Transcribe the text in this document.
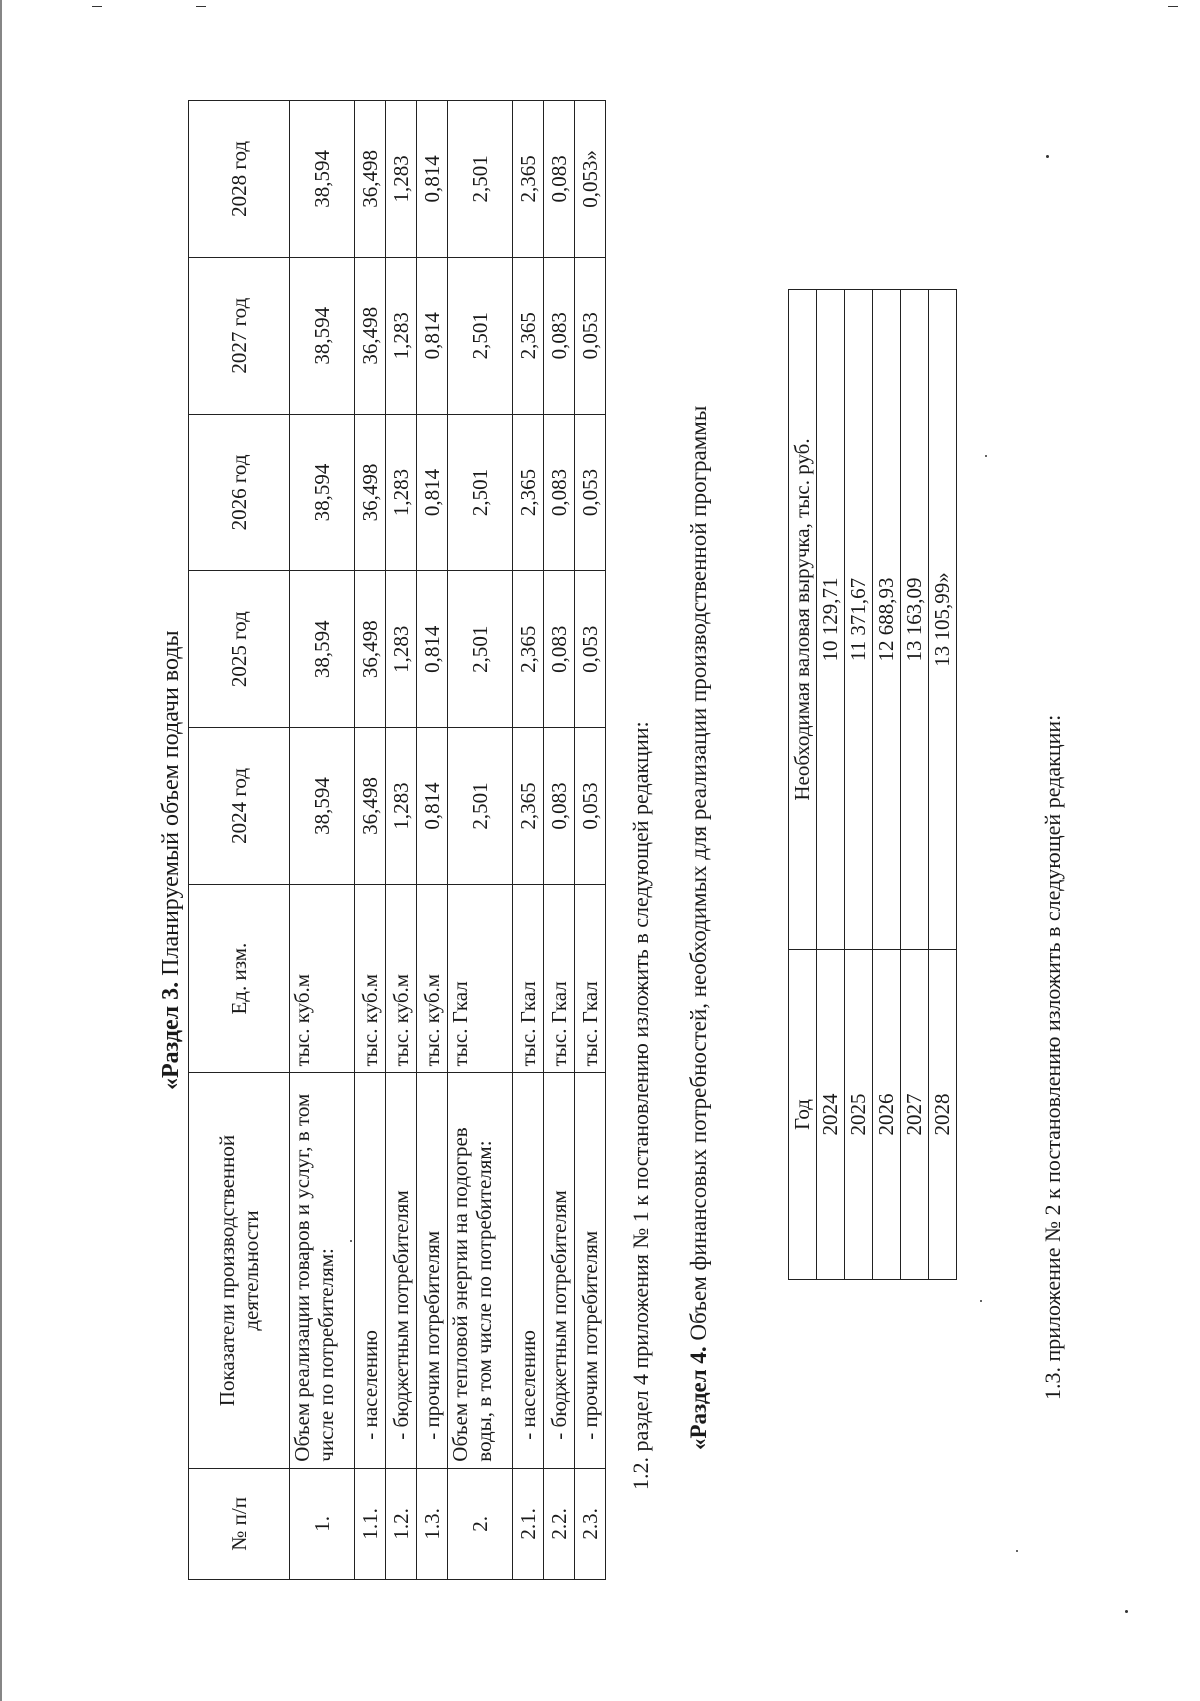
«Раздел 3. Планируемый объем подачи воды
№ п/п	Показатели производственной деятельности	Ед. изм.	2024 год	2025 год	2026 год	2027 год	2028 год
1.	Объем реализации товаров и услуг, в том числе по потребителям:	тыс. куб.м	38,594	38,594	38,594	38,594	38,594
1.1.	- населению	тыс. куб.м	36,498	36,498	36,498	36,498	36,498
1.2.	- бюджетным потребителям	тыс. куб.м	1,283	1,283	1,283	1,283	1,283
1.3.	- прочим потребителям	тыс. куб.м	0,814	0,814	0,814	0,814	0,814
2.	Объем тепловой энергии на подогрев воды, в том числе по потребителям:	тыс. Гкал	2,501	2,501	2,501	2,501	2,501
2.1.	- населению	тыс. Гкал	2,365	2,365	2,365	2,365	2,365
2.2.	- бюджетным потребителям	тыс. Гкал	0,083	0,083	0,083	0,083	0,083
2.3.	- прочим потребителям	тыс. Гкал	0,053	0,053	0,053	0,053	0,053»
1.2. раздел 4 приложения № 1 к постановлению изложить в следующей редакции: «Раздел 4. Объем финансовых потребностей, необходимых для реализации производственной программы	Год	Необходимая валовая выручка, тыс. руб.
2024	10 129,71
2025	11 371,67
2026	12 688,93
2027	13 163,09
2028	13 105,99»
1.3. приложение № 2 к постановлению изложить в следующей редакции:
